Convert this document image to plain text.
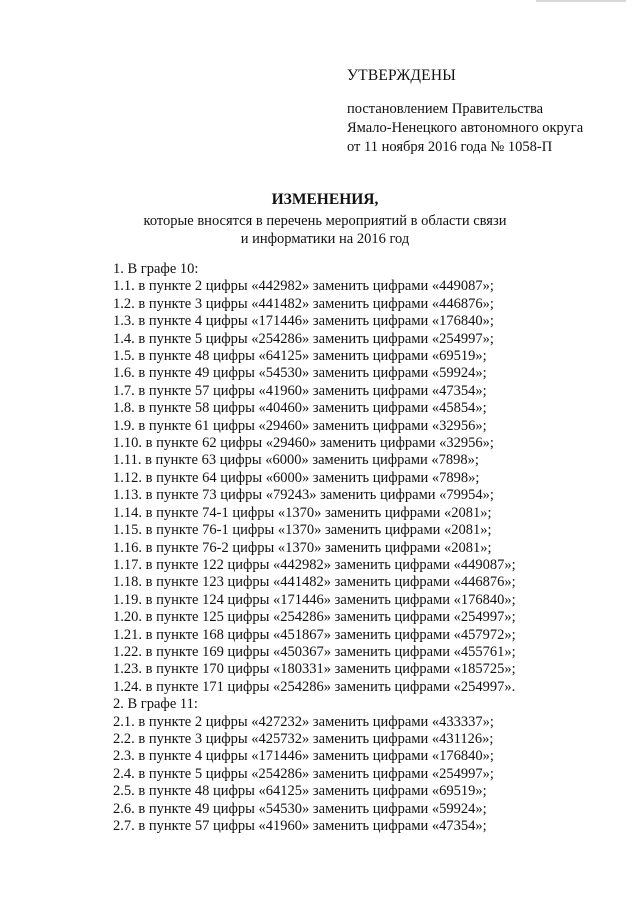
УТВЕРЖДЕНЫ
постановлением Правительства
Ямало-Ненецкого автономного округа
от 11 ноября 2016 года № 1058-П
ИЗМЕНЕНИЯ,
которые вносятся в перечень мероприятий в области связи
и информатики на 2016 год
1. В графе 10:
1.1. в пункте 2 цифры «442982» заменить цифрами «449087»;
1.2. в пункте 3 цифры «441482» заменить цифрами «446876»;
1.3. в пункте 4 цифры «171446» заменить цифрами «176840»;
1.4. в пункте 5 цифры «254286» заменить цифрами «254997»;
1.5. в пункте 48 цифры «64125» заменить цифрами «69519»;
1.6. в пункте 49 цифры «54530» заменить цифрами «59924»;
1.7. в пункте 57 цифры «41960» заменить цифрами «47354»;
1.8. в пункте 58 цифры «40460» заменить цифрами «45854»;
1.9. в пункте 61 цифры «29460» заменить цифрами «32956»;
1.10. в пункте 62 цифры «29460» заменить цифрами «32956»;
1.11. в пункте 63 цифры «6000» заменить цифрами «7898»;
1.12. в пункте 64 цифры «6000» заменить цифрами «7898»;
1.13. в пункте 73 цифры «79243» заменить цифрами «79954»;
1.14. в пункте 74-1 цифры «1370» заменить цифрами «2081»;
1.15. в пункте 76-1 цифры «1370» заменить цифрами «2081»;
1.16. в пункте 76-2 цифры «1370» заменить цифрами «2081»;
1.17. в пункте 122 цифры «442982» заменить цифрами «449087»;
1.18. в пункте 123 цифры «441482» заменить цифрами «446876»;
1.19. в пункте 124 цифры «171446» заменить цифрами «176840»;
1.20. в пункте 125 цифры «254286» заменить цифрами «254997»;
1.21. в пункте 168 цифры «451867» заменить цифрами «457972»;
1.22. в пункте 169 цифры «450367» заменить цифрами «455761»;
1.23. в пункте 170 цифры «180331» заменить цифрами «185725»;
1.24. в пункте 171 цифры «254286» заменить цифрами «254997».
2. В графе 11:
2.1. в пункте 2 цифры «427232» заменить цифрами «433337»;
2.2. в пункте 3 цифры «425732» заменить цифрами «431126»;
2.3. в пункте 4 цифры «171446» заменить цифрами «176840»;
2.4. в пункте 5 цифры «254286» заменить цифрами «254997»;
2.5. в пункте 48 цифры «64125» заменить цифрами «69519»;
2.6. в пункте 49 цифры «54530» заменить цифрами «59924»;
2.7. в пункте 57 цифры «41960» заменить цифрами «47354»;
